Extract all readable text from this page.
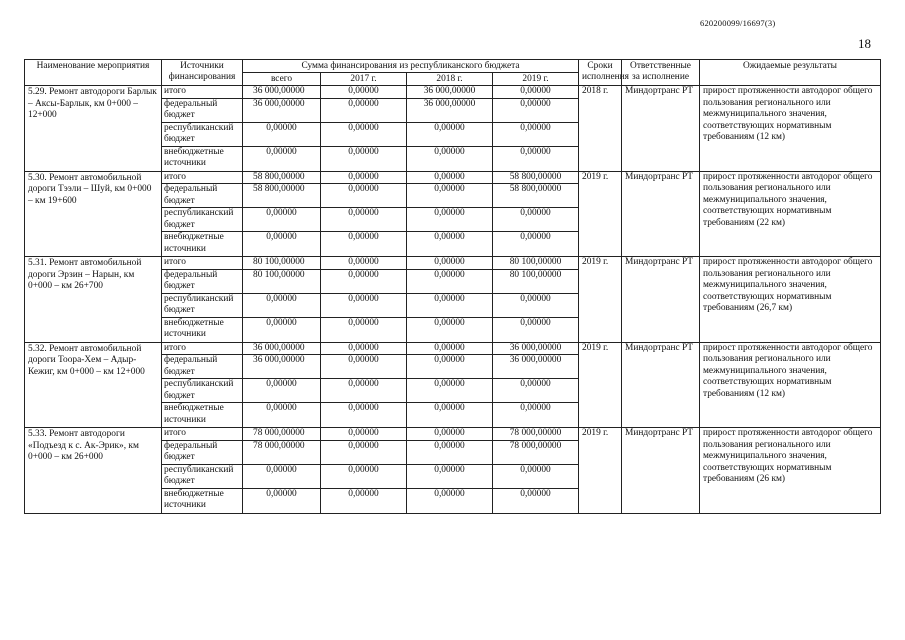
620200099/16697(3)
18
Наименование мероприятия	Источники финансирования	Сумма финансирования из республиканского бюджета				Сроки исполнения	Ответственные за исполнение	Ожидаемые результаты
		всего	2017 г.	2018 г.	2019 г.			
5.29. Ремонт автодороги Барлык – Аксы-Барлык, км 0+000 – 12+000	итого	36 000,00000	0,00000	36 000,00000	0,00000	2018 г.	Миндортранс РТ	прирост протяженности автодорог общего пользования регионального или межмуниципального значения, соответствующих нормативным требованиям (12 км)
	федеральный бюджет	36 000,00000	0,00000	36 000,00000	0,00000			
	республиканский бюджет	0,00000	0,00000	0,00000	0,00000			
	внебюджетные источники	0,00000	0,00000	0,00000	0,00000			
5.30. Ремонт автомобильной дороги Тээли – Шуй, км 0+000 – км 19+600	итого	58 800,00000	0,00000	0,00000	58 800,00000	2019 г.	Миндортранс РТ	прирост протяженности автодорог общего пользования регионального или межмуниципального значения, соответствующих нормативным требованиям (22 км)
	федеральный бюджет	58 800,00000	0,00000	0,00000	58 800,00000			
	республиканский бюджет	0,00000	0,00000	0,00000	0,00000			
	внебюджетные источники	0,00000	0,00000	0,00000	0,00000			
5.31. Ремонт автомобильной дороги Эрзин – Нарын, км 0+000 – км 26+700	итого	80 100,00000	0,00000	0,00000	80 100,00000	2019 г.	Миндортранс РТ	прирост протяженности автодорог общего пользования регионального или межмуниципального значения, соответствующих нормативным требованиям (26,7 км)
	федеральный бюджет	80 100,00000	0,00000	0,00000	80 100,00000			
	республиканский бюджет	0,00000	0,00000	0,00000	0,00000			
	внебюджетные источники	0,00000	0,00000	0,00000	0,00000			
5.32. Ремонт автомобильной дороги Тоора-Хем – Адыр-Кежиг, км 0+000 – км 12+000	итого	36 000,00000	0,00000	0,00000	36 000,00000	2019 г.	Миндортранс РТ	прирост протяженности автодорог общего пользования регионального или межмуниципального значения, соответствующих нормативным требованиям (12 км)
	федеральный бюджет	36 000,00000	0,00000	0,00000	36 000,00000			
	республиканский бюджет	0,00000	0,00000	0,00000	0,00000			
	внебюджетные источники	0,00000	0,00000	0,00000	0,00000			
5.33. Ремонт автодороги «Подъезд к с. Ак-Эрик», км 0+000 – км 26+000	итого	78 000,00000	0,00000	0,00000	78 000,00000	2019 г.	Миндортранс РТ	прирост протяженности автодорог общего пользования регионального или межмуниципального значения, соответствующих нормативным требованиям (26 км)
	федеральный бюджет	78 000,00000	0,00000	0,00000	78 000,00000			
	республиканский бюджет	0,00000	0,00000	0,00000	0,00000			
	внебюджетные источники	0,00000	0,00000	0,00000	0,00000			
